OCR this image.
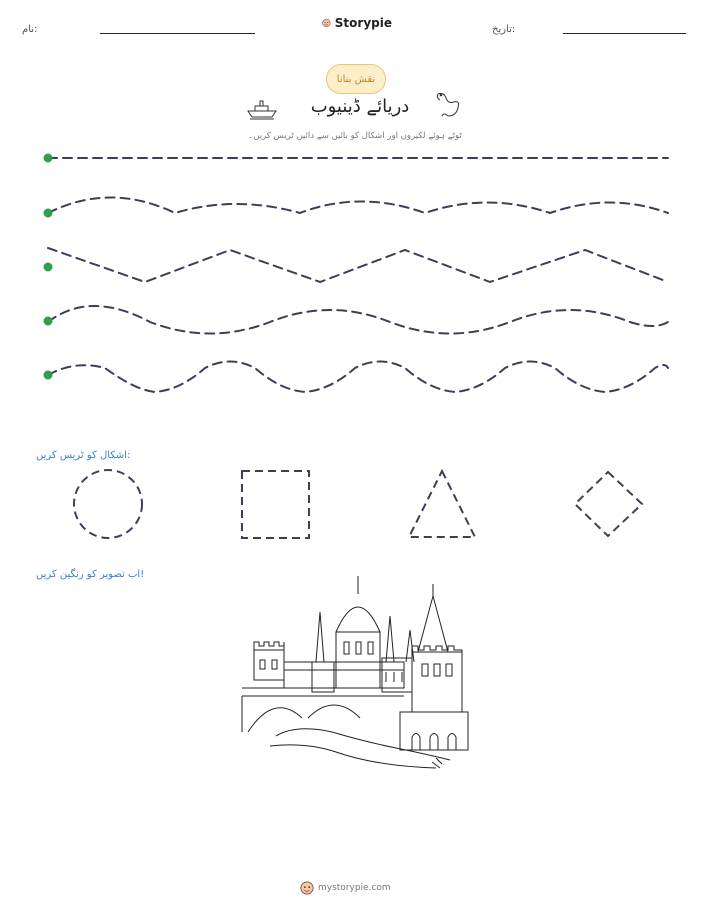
نام:	Storypie	تاریخ:
نقش بنانا
دریائے ڈینیوب
ٹوٹے ہوئے لکیروں اور اشکال کو بائیں سے دائیں ٹریس کریں۔
اشکال کو ٹریس کریں:
اب تصویر کو رنگین کریں!
mystorypie.com
